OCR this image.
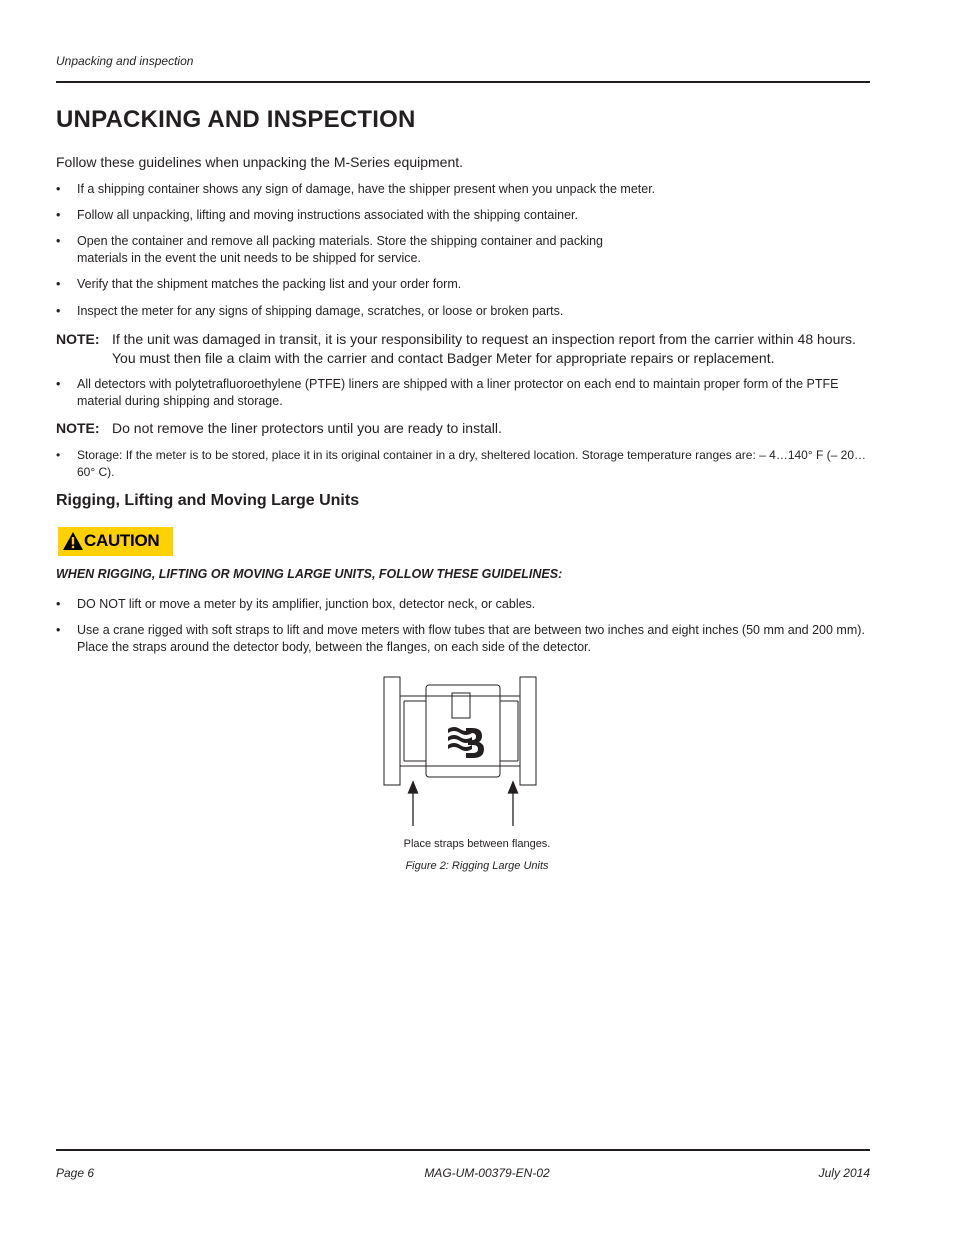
Unpacking and inspection
UNPACKING AND INSPECTION
Follow these guidelines when unpacking the M-Series equipment.
•	If a shipping container shows any sign of damage, have the shipper present when you unpack the meter.
•	Follow all unpacking, lifting and moving instructions associated with the shipping container.
•	Open the container and remove all packing materials. Store the shipping container and packing materials in the event the unit needs to be shipped for service.
•	Verify that the shipment matches the packing list and your order form.
•	Inspect the meter for any signs of shipping damage, scratches, or loose or broken parts.
NOTE: If the unit was damaged in transit, it is your responsibility to request an inspection report from the carrier within 48 hours. You must then file a claim with the carrier and contact Badger Meter for appropriate repairs or replacement.
•	All detectors with polytetrafluoroethylene (PTFE) liners are shipped with a liner protector on each end to maintain proper form of the PTFE material during shipping and storage.
NOTE: Do not remove the liner protectors until you are ready to install.
•	Storage: If the meter is to be stored, place it in its original container in a dry, sheltered location. Storage temperature ranges are: – 4…140° F (– 20…60° C).
Rigging, Lifting and Moving Large Units
CAUTION
WHEN RIGGING, LIFTING OR MOVING LARGE UNITS, FOLLOW THESE GUIDELINES:
•	DO NOT lift or move a meter by its amplifier, junction box, detector neck, or cables.
•	Use a crane rigged with soft straps to lift and move meters with flow tubes that are between two inches and eight inches (50 mm and 200 mm). Place the straps around the detector body, between the flanges, on each side of the detector.
Place straps between flanges.
Figure 2: Rigging Large Units
Page 6	MAG-UM-00379-EN-02	July 2014
